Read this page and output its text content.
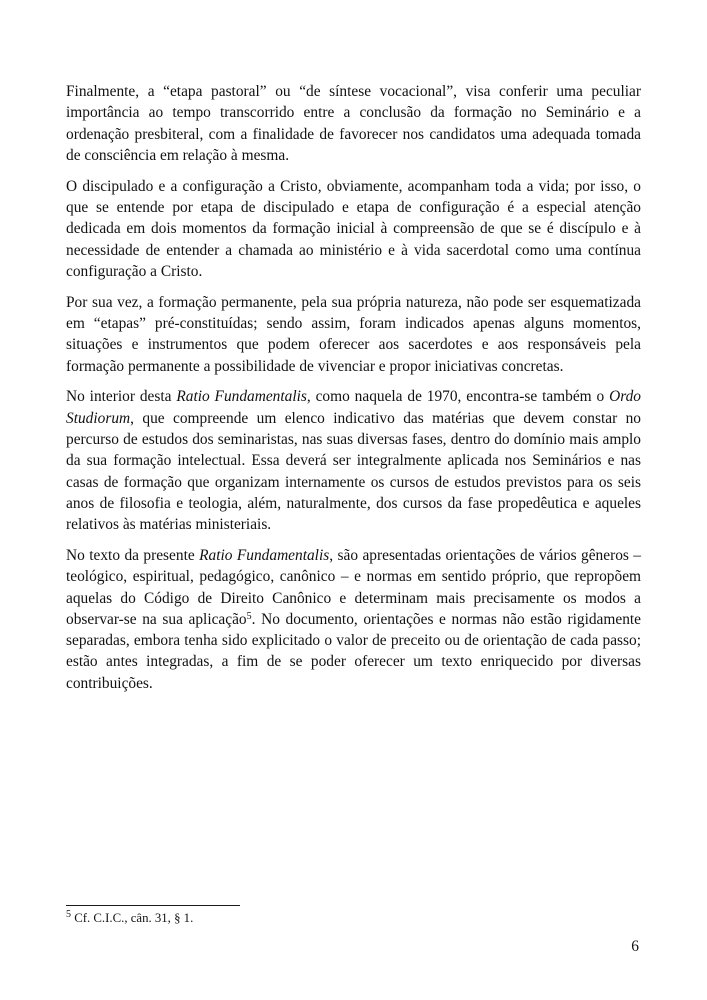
Finalmente, a “etapa pastoral” ou “de síntese vocacional”, visa conferir uma peculiar importância ao tempo transcorrido entre a conclusão da formação no Seminário e a ordenação presbiteral, com a finalidade de favorecer nos candidatos uma adequada tomada de consciência em relação à mesma.

O discipulado e a configuração a Cristo, obviamente, acompanham toda a vida; por isso, o que se entende por etapa de discipulado e etapa de configuração é a especial atenção dedicada em dois momentos da formação inicial à compreensão de que se é discípulo e à necessidade de entender a chamada ao ministério e à vida sacerdotal como uma contínua configuração a Cristo.

Por sua vez, a formação permanente, pela sua própria natureza, não pode ser esquematizada em “etapas” pré-constituídas; sendo assim, foram indicados apenas alguns momentos, situações e instrumentos que podem oferecer aos sacerdotes e aos responsáveis pela formação permanente a possibilidade de vivenciar e propor iniciativas concretas.

No interior desta Ratio Fundamentalis, como naquela de 1970, encontra-se também o Ordo Studiorum, que compreende um elenco indicativo das matérias que devem constar no percurso de estudos dos seminaristas, nas suas diversas fases, dentro do domínio mais amplo da sua formação intelectual. Essa deverá ser integralmente aplicada nos Seminários e nas casas de formação que organizam internamente os cursos de estudos previstos para os seis anos de filosofia e teologia, além, naturalmente, dos cursos da fase propedêutica e aqueles relativos às matérias ministeriais.

No texto da presente Ratio Fundamentalis, são apresentadas orientações de vários gêneros – teológico, espiritual, pedagógico, canônico – e normas em sentido próprio, que repropõem aquelas do Código de Direito Canônico e determinam mais precisamente os modos a observar-se na sua aplicação$^5$. No documento, orientações e normas não estão rigidamente separadas, embora tenha sido explicitado o valor de preceito ou de orientação de cada passo; estão antes integradas, a fim de se poder oferecer um texto enriquecido por diversas contribuições.

$^5$ Cf. C.I.C., cân. 31, § 1.
6
